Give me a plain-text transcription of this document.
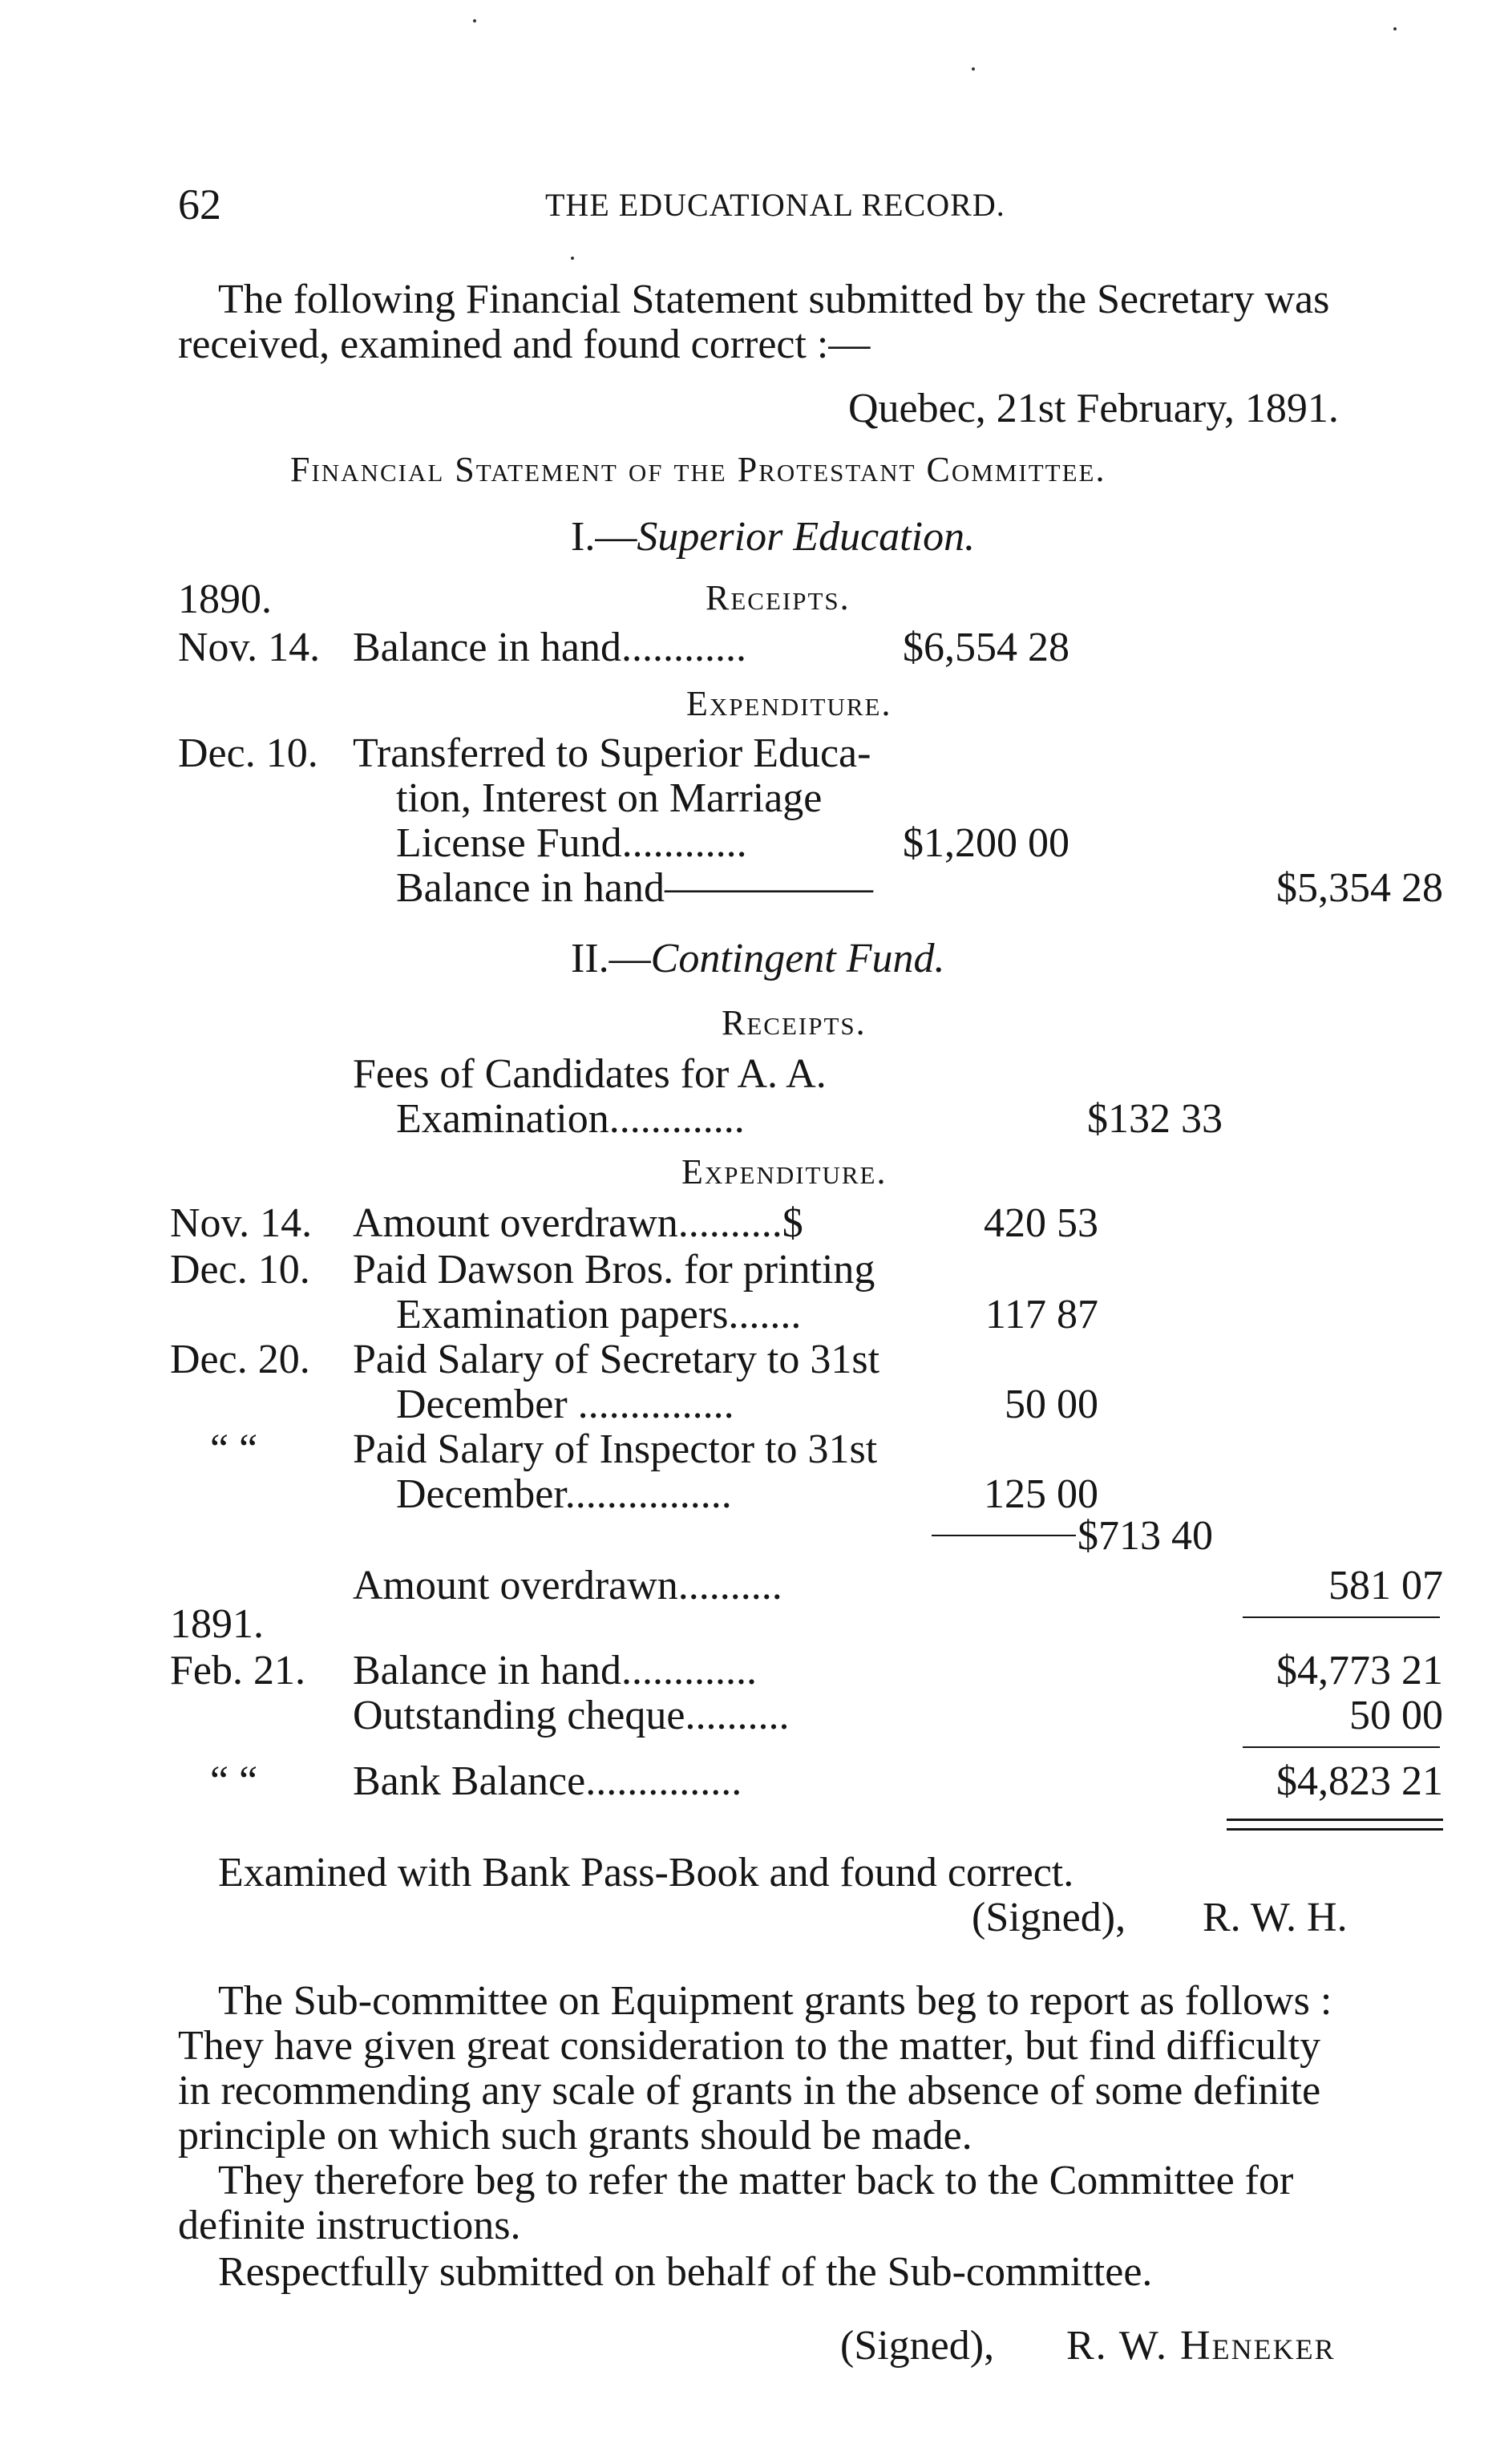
62	THE EDUCATIONAL RECORD.
The following Financial Statement submitted by the Secretary was
received, examined and found correct :—
Quebec, 21st February, 1891.
Financial Statement of the Protestant Committee.
I.—Superior Education.
1890.	Receipts.
Nov. 14. Balance in hand............	$6,554 28
Expenditure.
Dec. 10. Transferred to Superior Educa-
tion, Interest on Marriage
License Fund............	$1,200 00
Balance in hand—————	$5,354 28
II.—Contingent Fund.
Receipts.
Fees of Candidates for A. A.
Examination.............	$132 33
Expenditure.
Nov. 14. Amount overdrawn..........$	420 53
Dec. 10. Paid Dawson Bros. for printing
Examination papers.......	117 87
Dec. 20. Paid Salary of Secretary to 31st
December ...............	50 00
“ “ Paid Salary of Inspector to 31st
December................	125 00
$713 40
Amount overdrawn..........	581 07
1891.
Feb. 21. Balance in hand.............	$4,773 21
Outstanding cheque..........	50 00
“ “ Bank Balance...............	$4,823 21
Examined with Bank Pass-Book and found correct.
(Signed), R. W. H.
The Sub-committee on Equipment grants beg to report as follows :
They have given great consideration to the matter, but find difficulty
in recommending any scale of grants in the absence of some definite
principle on which such grants should be made.
They therefore beg to refer the matter back to the Committee for
definite instructions.
Respectfully submitted on behalf of the Sub-committee.
(Signed), R. W. Heneker
